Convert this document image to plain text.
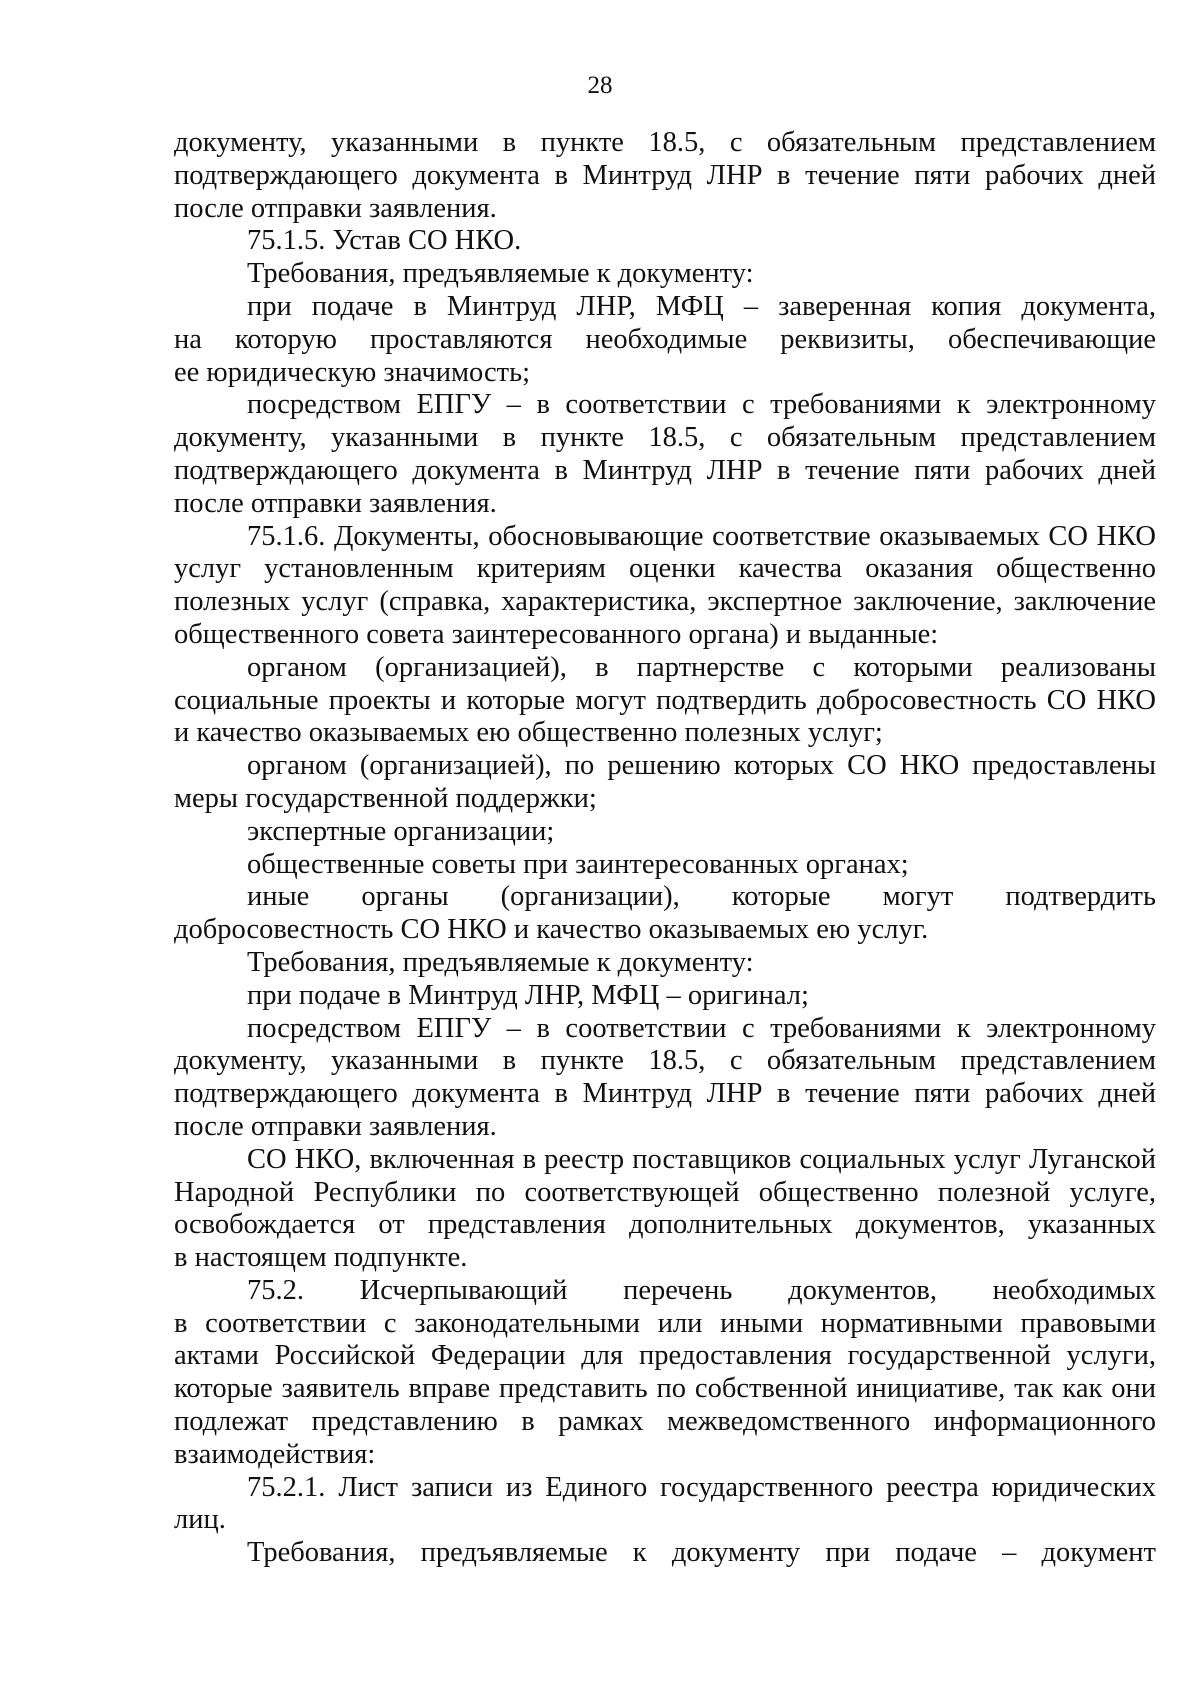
28
документу, указанными в пункте 18.5, с обязательным представлением
подтверждающего документа в Минтруд ЛНР в течение пяти рабочих дней
после отправки заявления.
75.1.5. Устав СО НКО.
Требования, предъявляемые к документу:
при подаче в Минтруд ЛНР, МФЦ – заверенная копия документа,
на которую проставляются необходимые реквизиты, обеспечивающие
ее юридическую значимость;
посредством ЕПГУ – в соответствии с требованиями к электронному
документу, указанными в пункте 18.5, с обязательным представлением
подтверждающего документа в Минтруд ЛНР в течение пяти рабочих дней
после отправки заявления.
75.1.6. Документы, обосновывающие соответствие оказываемых СО НКО
услуг установленным критериям оценки качества оказания общественно
полезных услуг (справка, характеристика, экспертное заключение, заключение
общественного совета заинтересованного органа) и выданные:
органом (организацией), в партнерстве с которыми реализованы
социальные проекты и которые могут подтвердить добросовестность СО НКО
и качество оказываемых ею общественно полезных услуг;
органом (организацией), по решению которых СО НКО предоставлены
меры государственной поддержки;
экспертные организации;
общественные советы при заинтересованных органах;
иные органы (организации), которые могут подтвердить
добросовестность СО НКО и качество оказываемых ею услуг.
Требования, предъявляемые к документу:
при подаче в Минтруд ЛНР, МФЦ – оригинал;
посредством ЕПГУ – в соответствии с требованиями к электронному
документу, указанными в пункте 18.5, с обязательным представлением
подтверждающего документа в Минтруд ЛНР в течение пяти рабочих дней
после отправки заявления.
СО НКО, включенная в реестр поставщиков социальных услуг Луганской
Народной Республики по соответствующей общественно полезной услуге,
освобождается от представления дополнительных документов, указанных
в настоящем подпункте.
75.2. Исчерпывающий перечень документов, необходимых
в соответствии с законодательными или иными нормативными правовыми
актами Российской Федерации для предоставления государственной услуги,
которые заявитель вправе представить по собственной инициативе, так как они
подлежат представлению в рамках межведомственного информационного
взаимодействия:
75.2.1. Лист записи из Единого государственного реестра юридических
лиц.
Требования, предъявляемые к документу при подаче – документ
